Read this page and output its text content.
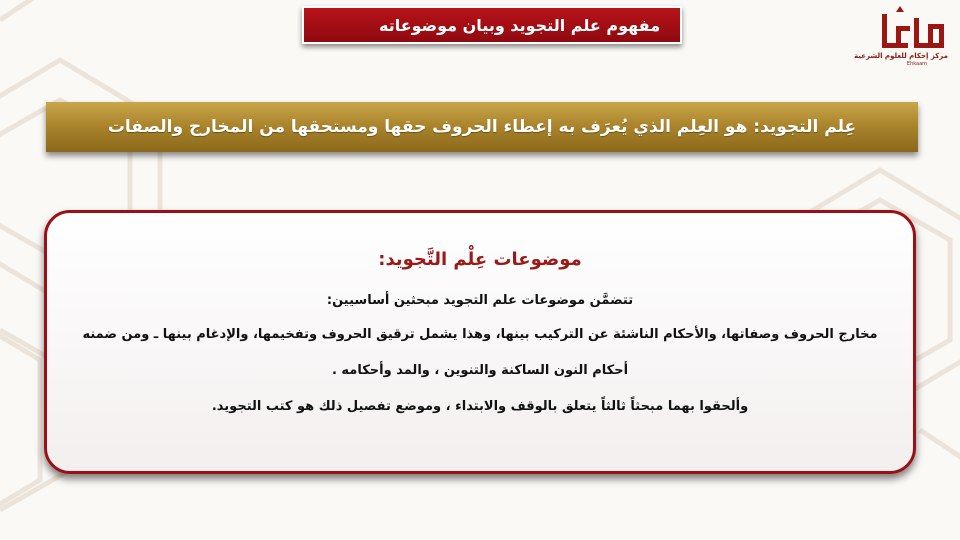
مفهوم علم التجويد وبيان موضوعاته
مركز إحكام للعلوم الشرعية
Ehkaam
عِلم التجويد: هو العِلم الذي يُعرَف به إعطاء الحروف حقها ومستحقها من المخارج والصفات
موضوعات عِلْم التَّجويد:
تتضمَّن موضوعات علم التجويد مبحثين أساسيين:
مخارج الحروف وصفاتها، والأحكام الناشئة عن التركيب بينها، وهذا يشمل ترقيق الحروف وتفخيمها، والإدغام بينها ـ ومن ضمنه
أحكام النون الساكنة والتنوين ، والمد وأحكامه .
وألحقوا بهما مبحثاً ثالثاً يتعلق بالوقف والابتداء ، وموضع تفصيل ذلك هو كتب التجويد.
